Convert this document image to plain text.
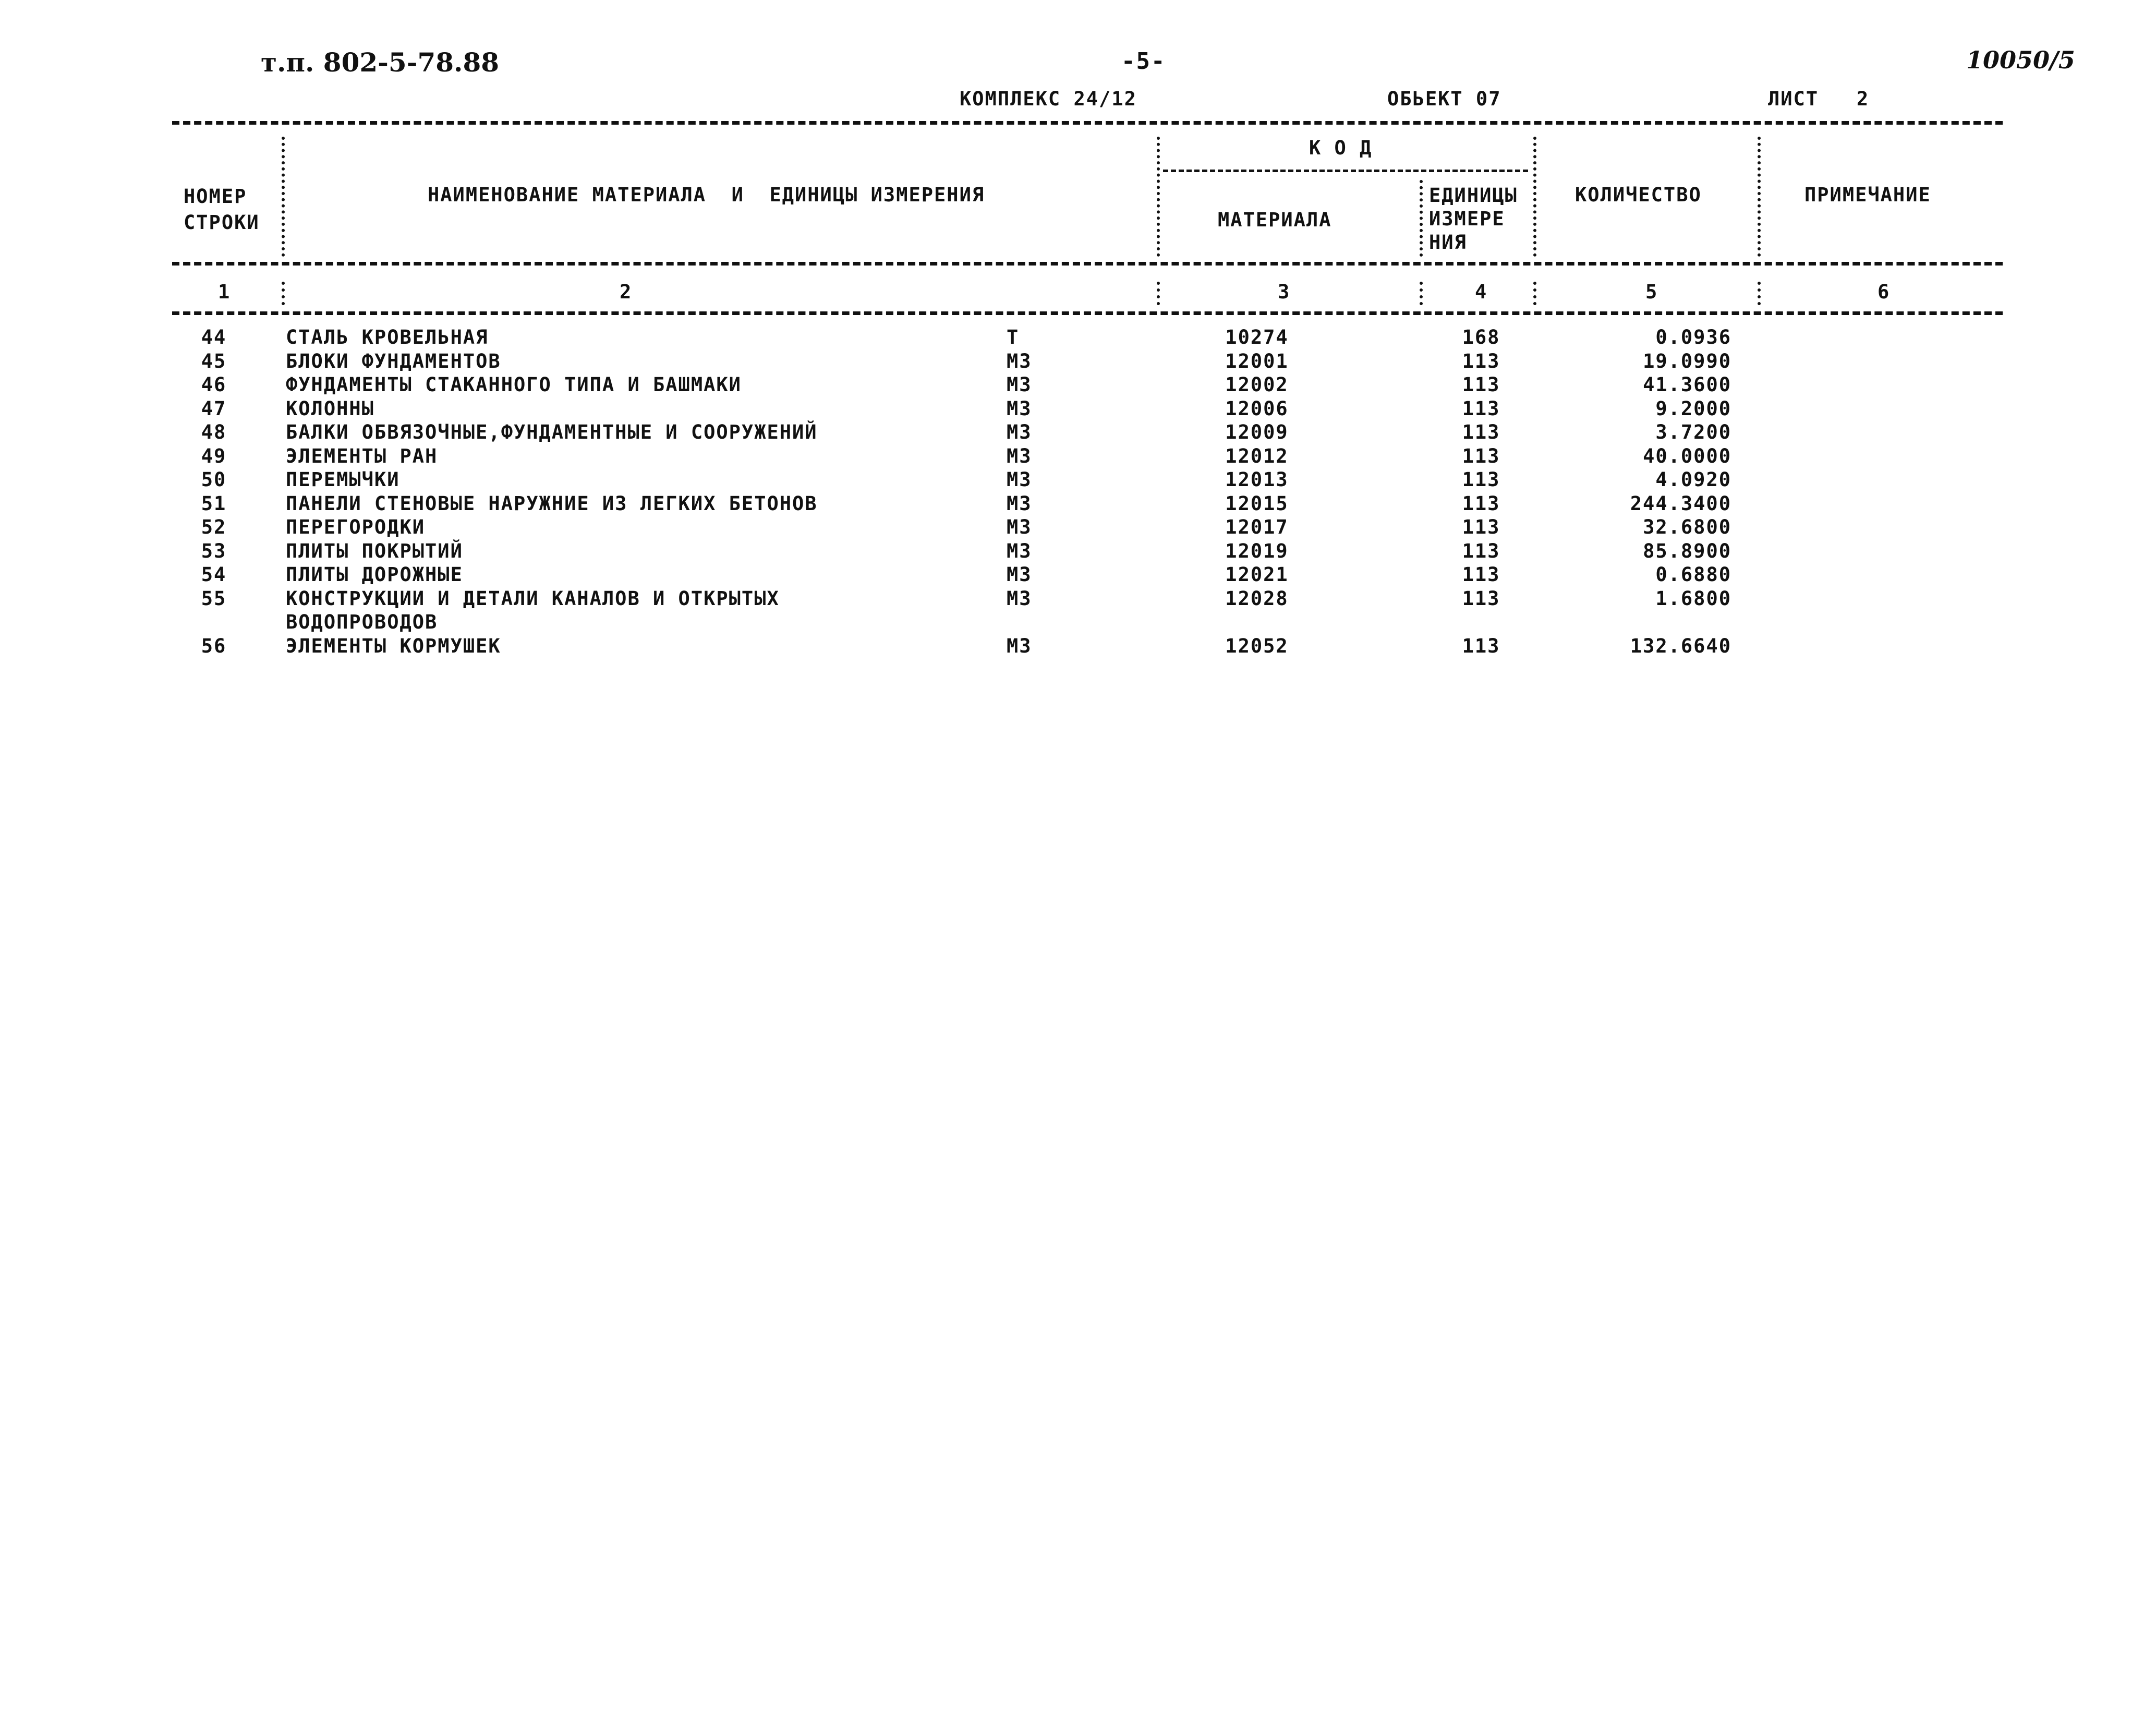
т.п. 802-5-78.88	-5-	10050/5
КОМПЛЕКС 24/12	ОБЬЕКТ 07	ЛИСТ   2
НОМЕР
СТРОКИ
НАИМЕНОВАНИЕ МАТЕРИАЛА  И  ЕДИНИЦЫ ИЗМЕРЕНИЯ
К О Д
МАТЕРИАЛА
ЕДИНИЦЫ
ИЗМЕРЕ
НИЯ
КОЛИЧЕСТВО	ПРИМЕЧАНИЕ
1	2	3	4	5	6
44	СТАЛЬ КРОВЕЛЬНАЯ	Т	10274	168	0.0936
45	БЛОКИ ФУНДАМЕНТОВ	М3	12001	113	19.0990
46	ФУНДАМЕНТЫ СТАКАННОГО ТИПА И БАШМАКИ	М3	12002	113	41.3600
47	КОЛОННЫ	М3	12006	113	9.2000
48	БАЛКИ ОБВЯЗОЧНЫЕ,ФУНДАМЕНТНЫЕ И СООРУЖЕНИЙ	М3	12009	113	3.7200
49	ЭЛЕМЕНТЫ РАН	М3	12012	113	40.0000
50	ПЕРЕМЫЧКИ	М3	12013	113	4.0920
51	ПАНЕЛИ СТЕНОВЫЕ НАРУЖНИЕ ИЗ ЛЕГКИХ БЕТОНОВ	М3	12015	113	244.3400
52	ПЕРЕГОРОДКИ	М3	12017	113	32.6800
53	ПЛИТЫ ПОКРЫТИЙ	М3	12019	113	85.8900
54	ПЛИТЫ ДОРОЖНЫЕ	М3	12021	113	0.6880
55	КОНСТРУКЦИИ И ДЕТАЛИ КАНАЛОВ И ОТКРЫТЫХ	М3	12028	113	1.6800
ВОДОПРОВОДОВ
56	ЭЛЕМЕНТЫ КОРМУШЕК	М3	12052	113	132.6640
